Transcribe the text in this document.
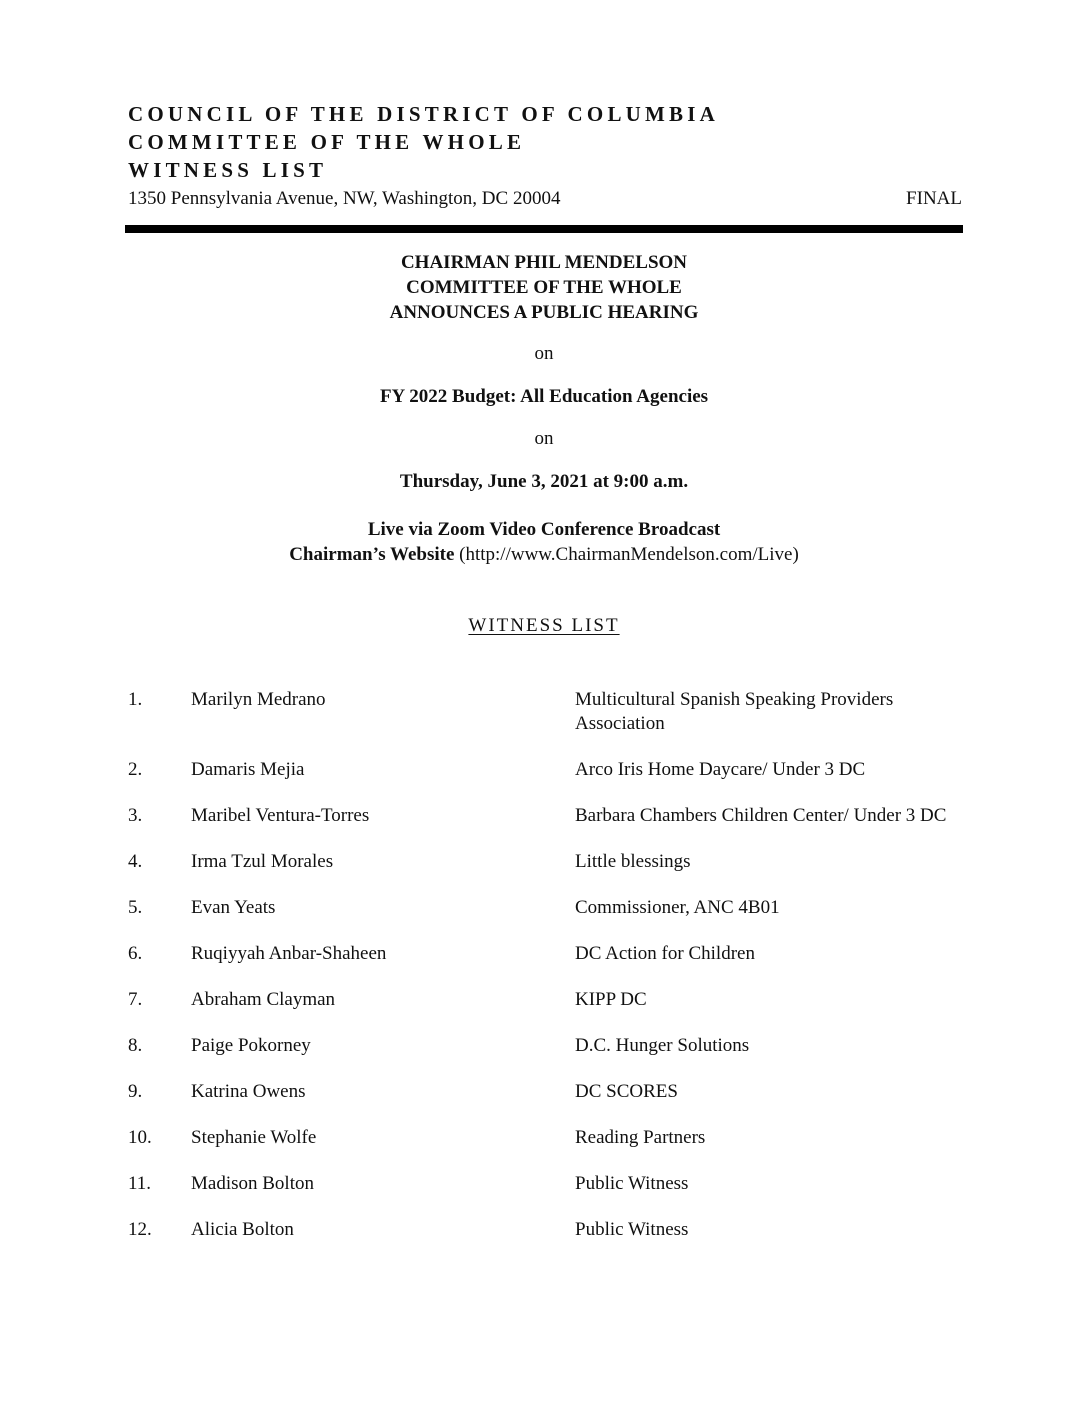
COUNCIL OF THE DISTRICT OF COLUMBIA
COMMITTEE OF THE WHOLE
WITNESS LIST
1350 Pennsylvania Avenue, NW, Washington, DC 20004	FINAL
CHAIRMAN PHIL MENDELSON
COMMITTEE OF THE WHOLE
ANNOUNCES A PUBLIC HEARING
on
FY 2022 Budget: All Education Agencies
on
Thursday, June 3, 2021 at 9:00 a.m.
Live via Zoom Video Conference Broadcast
Chairman’s Website (http://www.ChairmanMendelson.com/Live)
WITNESS LIST
1.	Marilyn Medrano	Multicultural Spanish Speaking Providers Association
2.	Damaris Mejia	Arco Iris Home Daycare/ Under 3 DC
3.	Maribel Ventura-Torres	Barbara Chambers Children Center/ Under 3 DC
4.	Irma Tzul Morales	Little blessings
5.	Evan Yeats	Commissioner, ANC 4B01
6.	Ruqiyyah Anbar-Shaheen	DC Action for Children
7.	Abraham Clayman	KIPP DC
8.	Paige Pokorney	D.C. Hunger Solutions
9.	Katrina Owens	DC SCORES
10.	Stephanie Wolfe	Reading Partners
11.	Madison Bolton	Public Witness
12.	Alicia Bolton	Public Witness
